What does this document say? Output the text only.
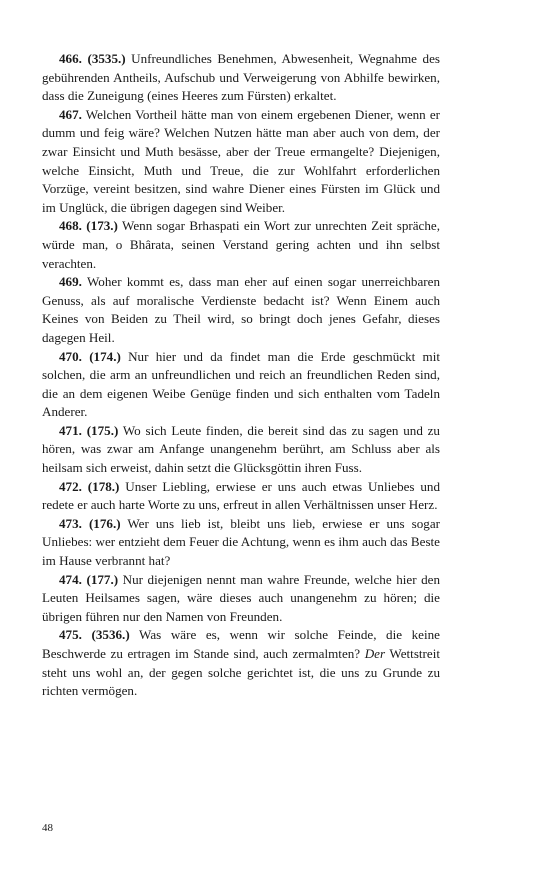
466. (3535.) Unfreundliches Benehmen, Abwesenheit, Wegnahme des gebührenden Antheils, Aufschub und Verweigerung von Abhilfe bewirken, dass die Zuneigung (eines Heeres zum Fürsten) erkaltet.

467. Welchen Vortheil hätte man von einem ergebenen Diener, wenn er dumm und feig wäre? Welchen Nutzen hätte man aber auch von dem, der zwar Einsicht und Muth besässe, aber der Treue ermangelte? Diejenigen, welche Einsicht, Muth und Treue, die zur Wohlfahrt erforderlichen Vorzüge, vereint besitzen, sind wahre Diener eines Fürsten im Glück und im Unglück, die übrigen dagegen sind Weiber.

468. (173.) Wenn sogar Brhaspati ein Wort zur unrechten Zeit spräche, würde man, o Bhârata, seinen Verstand gering achten und ihn selbst verachten.

469. Woher kommt es, dass man eher auf einen sogar unerreichbaren Genuss, als auf moralische Verdienste bedacht ist? Wenn Einem auch Keines von Beiden zu Theil wird, so bringt doch jenes Gefahr, dieses dagegen Heil.

470. (174.) Nur hier und da findet man die Erde geschmückt mit solchen, die arm an unfreundlichen und reich an freundlichen Reden sind, die an dem eigenen Weibe Genüge finden und sich enthalten vom Tadeln Anderer.

471. (175.) Wo sich Leute finden, die bereit sind das zu sagen und zu hören, was zwar am Anfange unangenehm berührt, am Schluss aber als heilsam sich erweist, dahin setzt die Glücksgöttin ihren Fuss.

472. (178.) Unser Liebling, erwiese er uns auch etwas Unliebes und redete er auch harte Worte zu uns, erfreut in allen Verhältnissen unser Herz.

473. (176.) Wer uns lieb ist, bleibt uns lieb, erwiese er uns sogar Unliebes: wer entzieht dem Feuer die Achtung, wenn es ihm auch das Beste im Hause verbrannt hat?

474. (177.) Nur diejenigen nennt man wahre Freunde, welche hier den Leuten Heilsames sagen, wäre dieses auch unangenehm zu hören; die übrigen führen nur den Namen von Freunden.

475. (3536.) Was wäre es, wenn wir solche Feinde, die keine Beschwerde zu ertragen im Stande sind, auch zermalmten? Der Wettstreit steht uns wohl an, der gegen solche gerichtet ist, die uns zu Grunde zu richten vermögen.

48
